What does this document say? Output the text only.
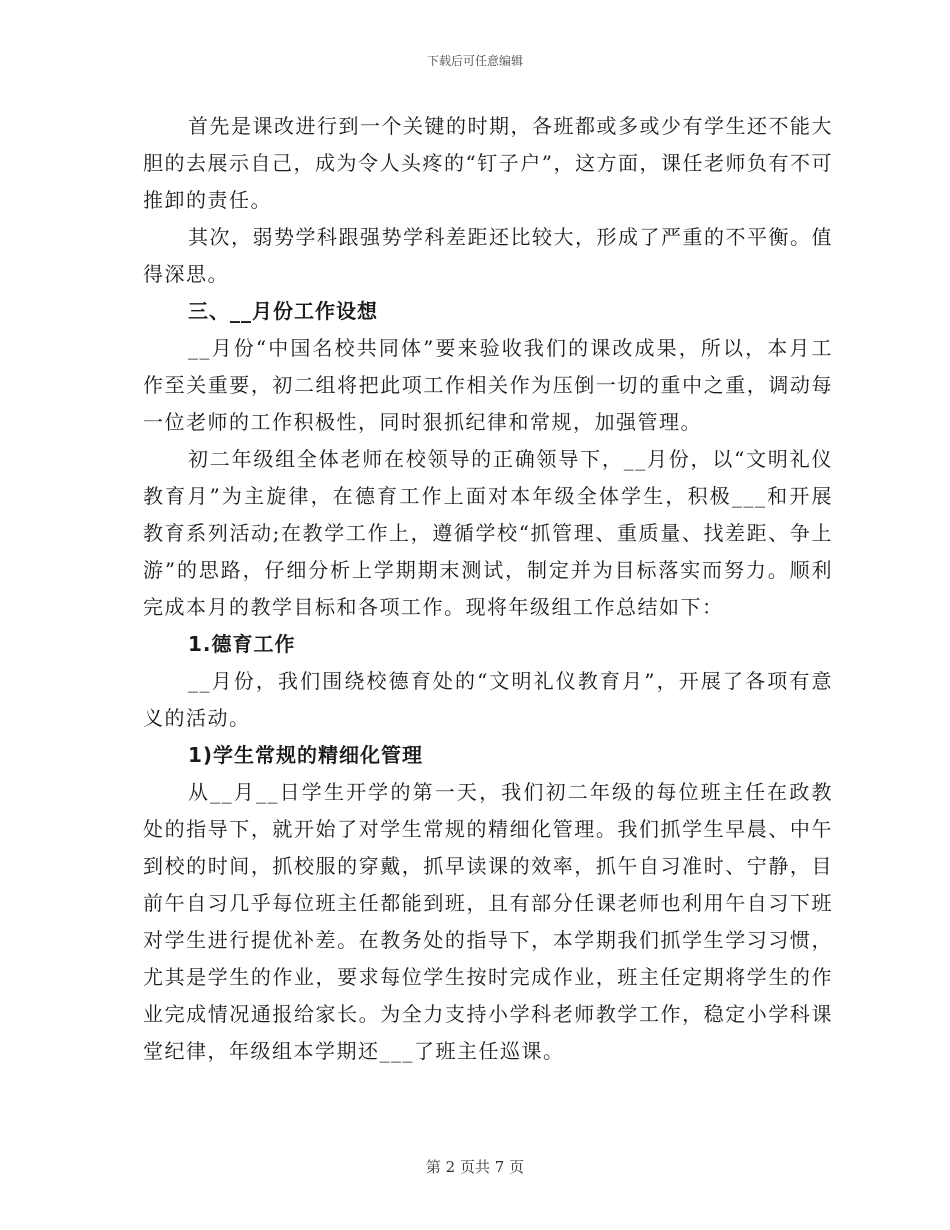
下载后可任意编辑

首先是课改进行到一个关键的时期，各班都或多或少有学生还不能大胆的去展示自己，成为令人头疼的“钉子户”，这方面，课任老师负有不可推卸的责任。

其次，弱势学科跟强势学科差距还比较大，形成了严重的不平衡。值得深思。

三、__月份工作设想

__月份“中国名校共同体”要来验收我们的课改成果，所以，本月工作至关重要，初二组将把此项工作相关作为压倒一切的重中之重，调动每一位老师的工作积极性，同时狠抓纪律和常规，加强管理。

初二年级组全体老师在校领导的正确领导下，__月份，以“文明礼仪教育月”为主旋律，在德育工作上面对本年级全体学生，积极___和开展教育系列活动;在教学工作上，遵循学校“抓管理、重质量、找差距、争上游”的思路，仔细分析上学期期末测试，制定并为目标落实而努力。顺利完成本月的教学目标和各项工作。现将年级组工作总结如下：

1.德育工作

__月份，我们围绕校德育处的“文明礼仪教育月”，开展了各项有意义的活动。

1)学生常规的精细化管理

从__月__日学生开学的第一天，我们初二年级的每位班主任在政教处的指导下，就开始了对学生常规的精细化管理。我们抓学生早晨、中午到校的时间，抓校服的穿戴，抓早读课的效率，抓午自习准时、宁静，目前午自习几乎每位班主任都能到班，且有部分任课老师也利用午自习下班对学生进行提优补差。在教务处的指导下，本学期我们抓学生学习习惯，尤其是学生的作业，要求每位学生按时完成作业，班主任定期将学生的作业完成情况通报给家长。为全力支持小学科老师教学工作，稳定小学科课堂纪律，年级组本学期还___了班主任巡课。

第 2 页共 7 页
